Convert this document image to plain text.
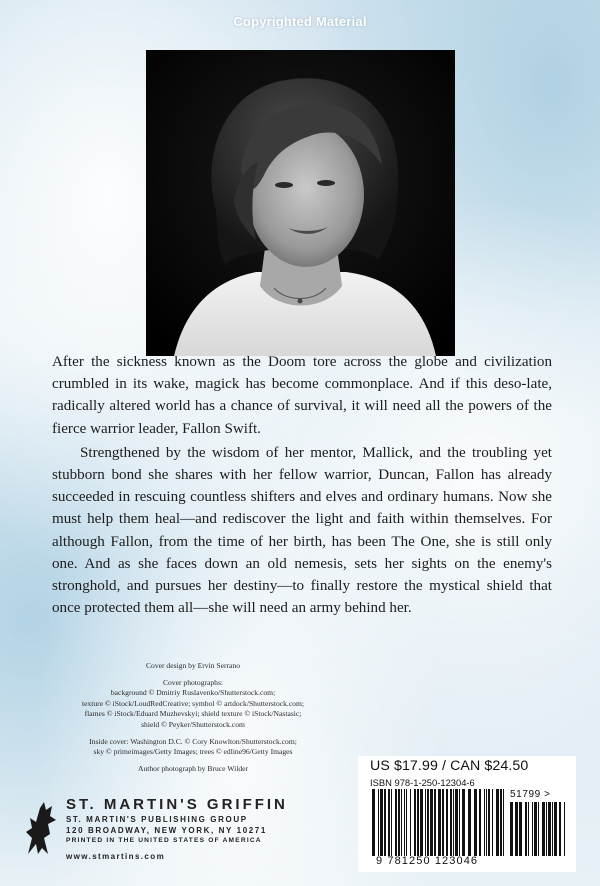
Copyrighted Material

After the sickness known as the Doom tore across the globe and civilization crumbled in its wake, magick has become commonplace. And if this deso-late, radically altered world has a chance of survival, it will need all the powers of the fierce warrior leader, Fallon Swift.

Strengthened by the wisdom of her mentor, Mallick, and the troubling yet stubborn bond she shares with her fellow warrior, Duncan, Fallon has already succeeded in rescuing countless shifters and elves and ordinary humans. Now she must help them heal—and rediscover the light and faith within themselves. For although Fallon, from the time of her birth, has been The One, she is still only one. And as she faces down an old nemesis, sets her sights on the enemy's stronghold, and pursues her destiny—to finally restore the mystical shield that once protected them all—she will need an army behind her.

Cover design by Ervin Serrano
Cover photographs:
background © Dmitriy Ruslavenko/Shutterstock.com;
texture © iStock/LoudRedCreative; symbol © artdock/Shutterstock.com;
flames © iStock/Eduard Muzhevskyi; shield texture © iStock/Nastasic;
shield © Peyker/Shutterstock.com
Inside cover: Washington D.C. © Cory Knowlton/Shutterstock.com;
sky © primeimages/Getty Images; trees © edline96/Getty Images
Author photograph by Bruce Wilder
ST. MARTIN'S GRIFFIN
ST. MARTIN'S PUBLISHING GROUP
120 BROADWAY, NEW YORK, NY 10271
PRINTED IN THE UNITED STATES OF AMERICA
www.stmartins.com
US $17.99 / CAN $24.50
ISBN 978-1-250-12304-6
51799 >
9 781250 123046
